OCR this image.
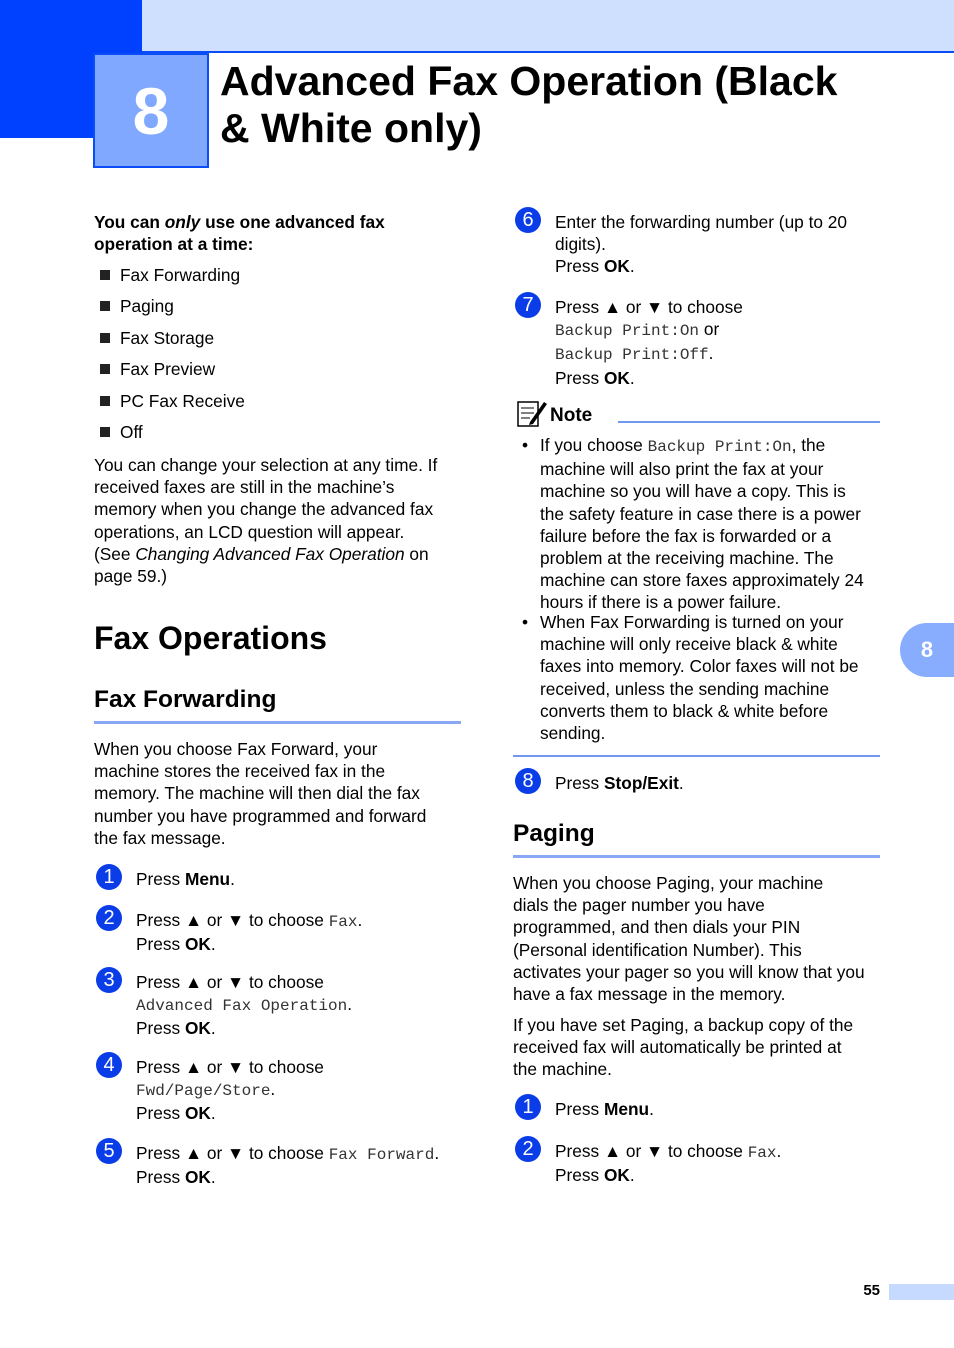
8 Advanced Fax Operation (Black
& White only)
8
55
You can only use one advanced fax
operation at a time:
Fax Forwarding
Paging
Fax Storage
Fax Preview
PC Fax Receive
Off
You can change your selection at any time. If
received faxes are still in the machine’s
memory when you change the advanced fax
operations, an LCD question will appear.
(See Changing Advanced Fax Operation on
page 59.)
Fax Operations
Fax Forwarding
When you choose Fax Forward, your
machine stores the received fax in the
memory. The machine will then dial the fax
number you have programmed and forward
the fax message.
1	Press Menu.
2	Press ▲ or ▼ to choose Fax.
Press OK.
3	Press ▲ or ▼ to choose
Advanced Fax Operation.
Press OK.
4	Press ▲ or ▼ to choose
Fwd/Page/Store.
Press OK.
5	Press ▲ or ▼ to choose Fax Forward.
Press OK.
6	Enter the forwarding number (up to 20
digits).
Press OK.
7	Press ▲ or ▼ to choose
Backup Print:On or
Backup Print:Off.
Press OK.
Note
• If you choose Backup Print:On, the
machine will also print the fax at your
machine so you will have a copy. This is
the safety feature in case there is a power
failure before the fax is forwarded or a
problem at the receiving machine. The
machine can store faxes approximately 24
hours if there is a power failure.
• When Fax Forwarding is turned on your
machine will only receive black & white
faxes into memory. Color faxes will not be
received, unless the sending machine
converts them to black & white before
sending.
8	Press Stop/Exit.
Paging
When you choose Paging, your machine
dials the pager number you have
programmed, and then dials your PIN
(Personal identification Number). This
activates your pager so you will know that you
have a fax message in the memory.
If you have set Paging, a backup copy of the
received fax will automatically be printed at
the machine.
1	Press Menu.
2	Press ▲ or ▼ to choose Fax.
Press OK.
